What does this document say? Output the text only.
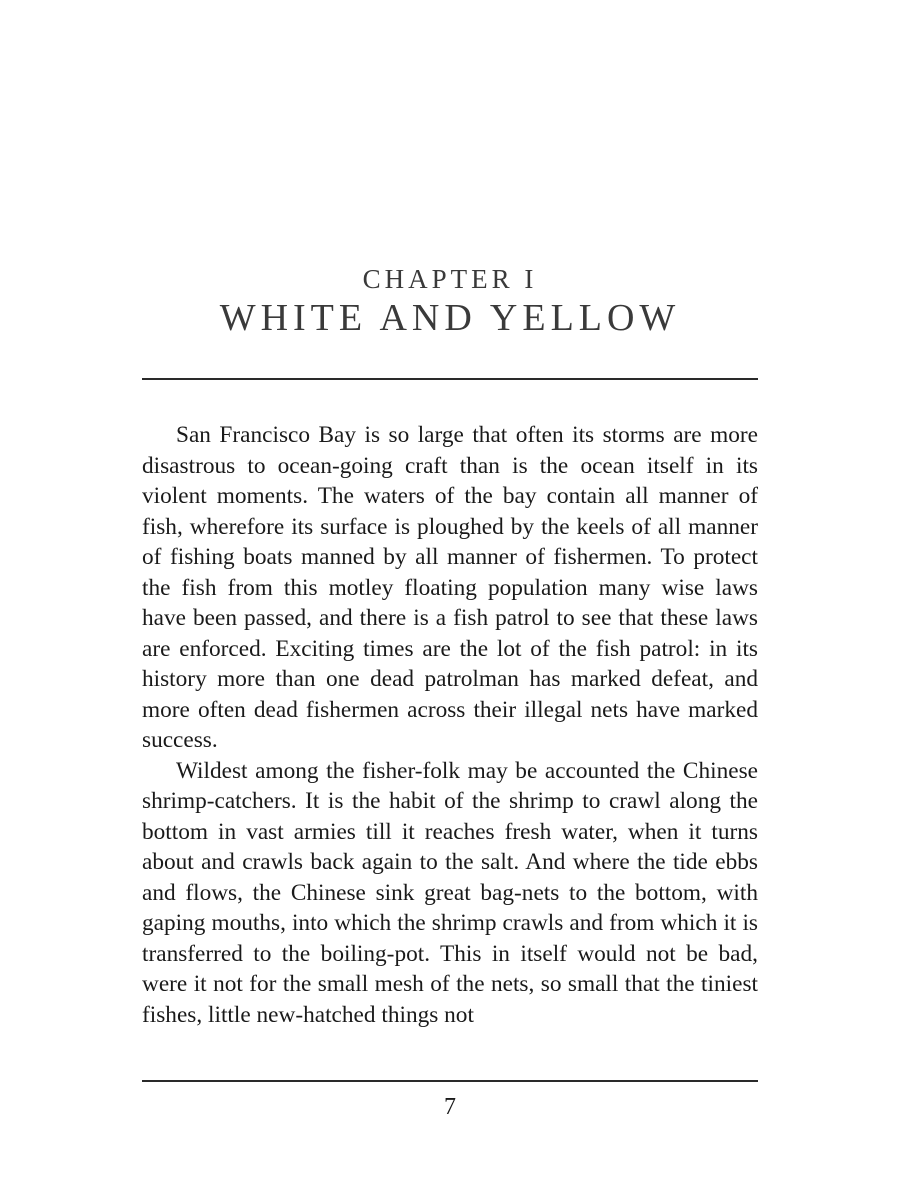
CHAPTER I
WHITE AND YELLOW

San Francisco Bay is so large that often its storms are more disastrous to ocean-going craft than is the ocean itself in its violent moments. The waters of the bay contain all manner of fish, wherefore its surface is ploughed by the keels of all manner of fishing boats manned by all manner of fishermen. To protect the fish from this motley floating population many wise laws have been passed, and there is a fish patrol to see that these laws are enforced. Exciting times are the lot of the fish patrol: in its history more than one dead patrolman has marked defeat, and more often dead fishermen across their illegal nets have marked success.

Wildest among the fisher-folk may be accounted the Chinese shrimp-catchers. It is the habit of the shrimp to crawl along the bottom in vast armies till it reaches fresh water, when it turns about and crawls back again to the salt. And where the tide ebbs and flows, the Chinese sink great bag-nets to the bottom, with gaping mouths, into which the shrimp crawls and from which it is transferred to the boiling-pot. This in itself would not be bad, were it not for the small mesh of the nets, so small that the tiniest fishes, little new-hatched things not

7
